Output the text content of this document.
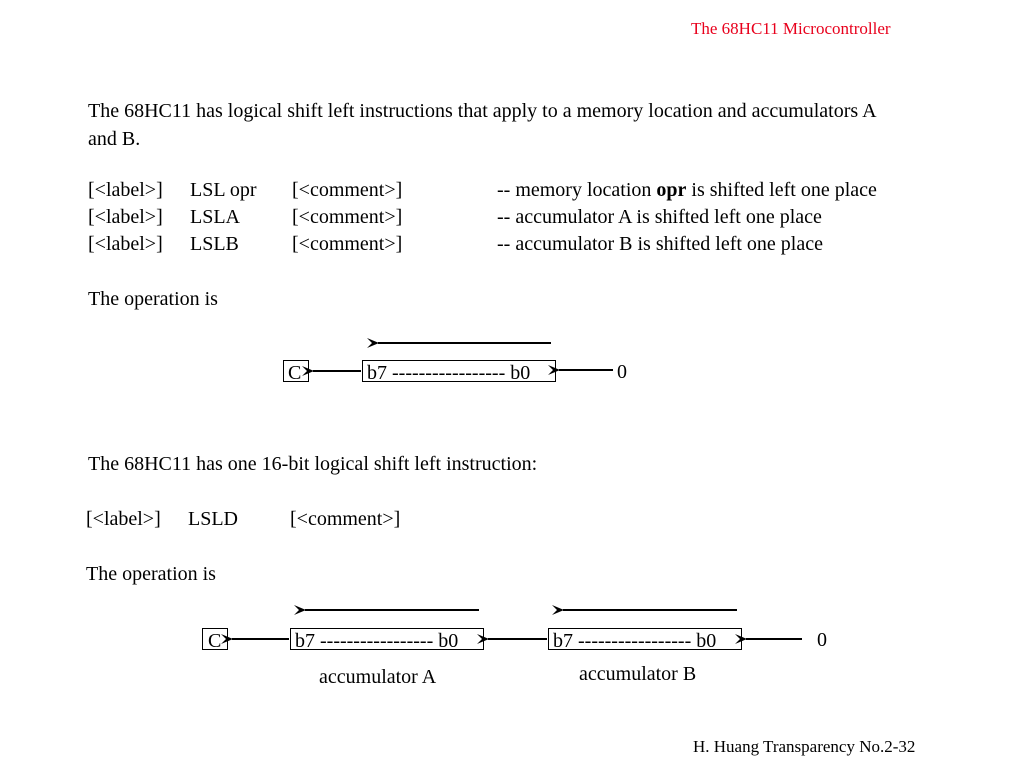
The 68HC11 Microcontroller
The 68HC11 has logical shift left instructions that apply to a memory location and accumulators A and B.
[<label>] LSL opr [<comment>]	-- memory location opr is shifted left one place
[<label>] LSLA	[<comment>]	-- accumulator A is shifted left one place
[<label>] LSLB	[<comment>]	-- accumulator B is shifted left one place
The operation is
C	b7 ----------------- b0	0
The 68HC11 has one 16-bit logical shift left instruction:
[<label>] LSLD	[<comment>]
The operation is
C	b7 ----------------- b0	b7 ----------------- b0	0
accumulator A	accumulator B
H. Huang Transparency No.2-32
